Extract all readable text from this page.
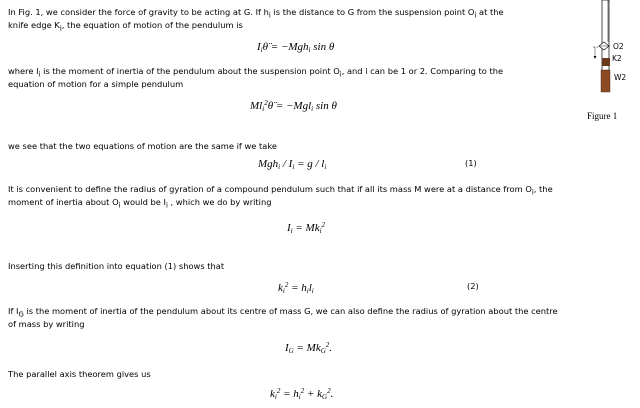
In Fig. 1, we consider the force of gravity to be acting at G. If $h_i$ is the distance to G from the suspension point $O_i$ at the
knife edge $K_i$, the equation of motion of the pendulum is
$I_i\thetä = -Mgh_i$ sin θ
where $I_i$ is the moment of inertia of the pendulum about the suspension point $O_i$, and i can be 1 or 2. Comparing to the
equation of motion for a simple pendulum
$Ml_i^2\thetä = -Mgl_i$ sin θ
we see that the two equations of motion are the same if we take
$Mgh_i / I_i = g / l_i$	(1)
It is convenient to define the radius of gyration of a compound pendulum such that if all its mass M were at a distance from $O_i$, the
moment of inertia about $O_i$ would be $I_i$ , which we do by writing
$I_i = Mk_i^2$
Inserting this definition into equation (1) shows that
$k_i^2 = h_il_i$	(2)
If $I_G$ is the moment of inertia of the pendulum about its centre of mass G, we can also define the radius of gyration about the centre
of mass by writing
$I_G = Mk_G^2$.
The parallel axis theorem gives us
$k_i^2 = h_i^2 + k_G^2$.
O2
K2
W2
Figure 1
